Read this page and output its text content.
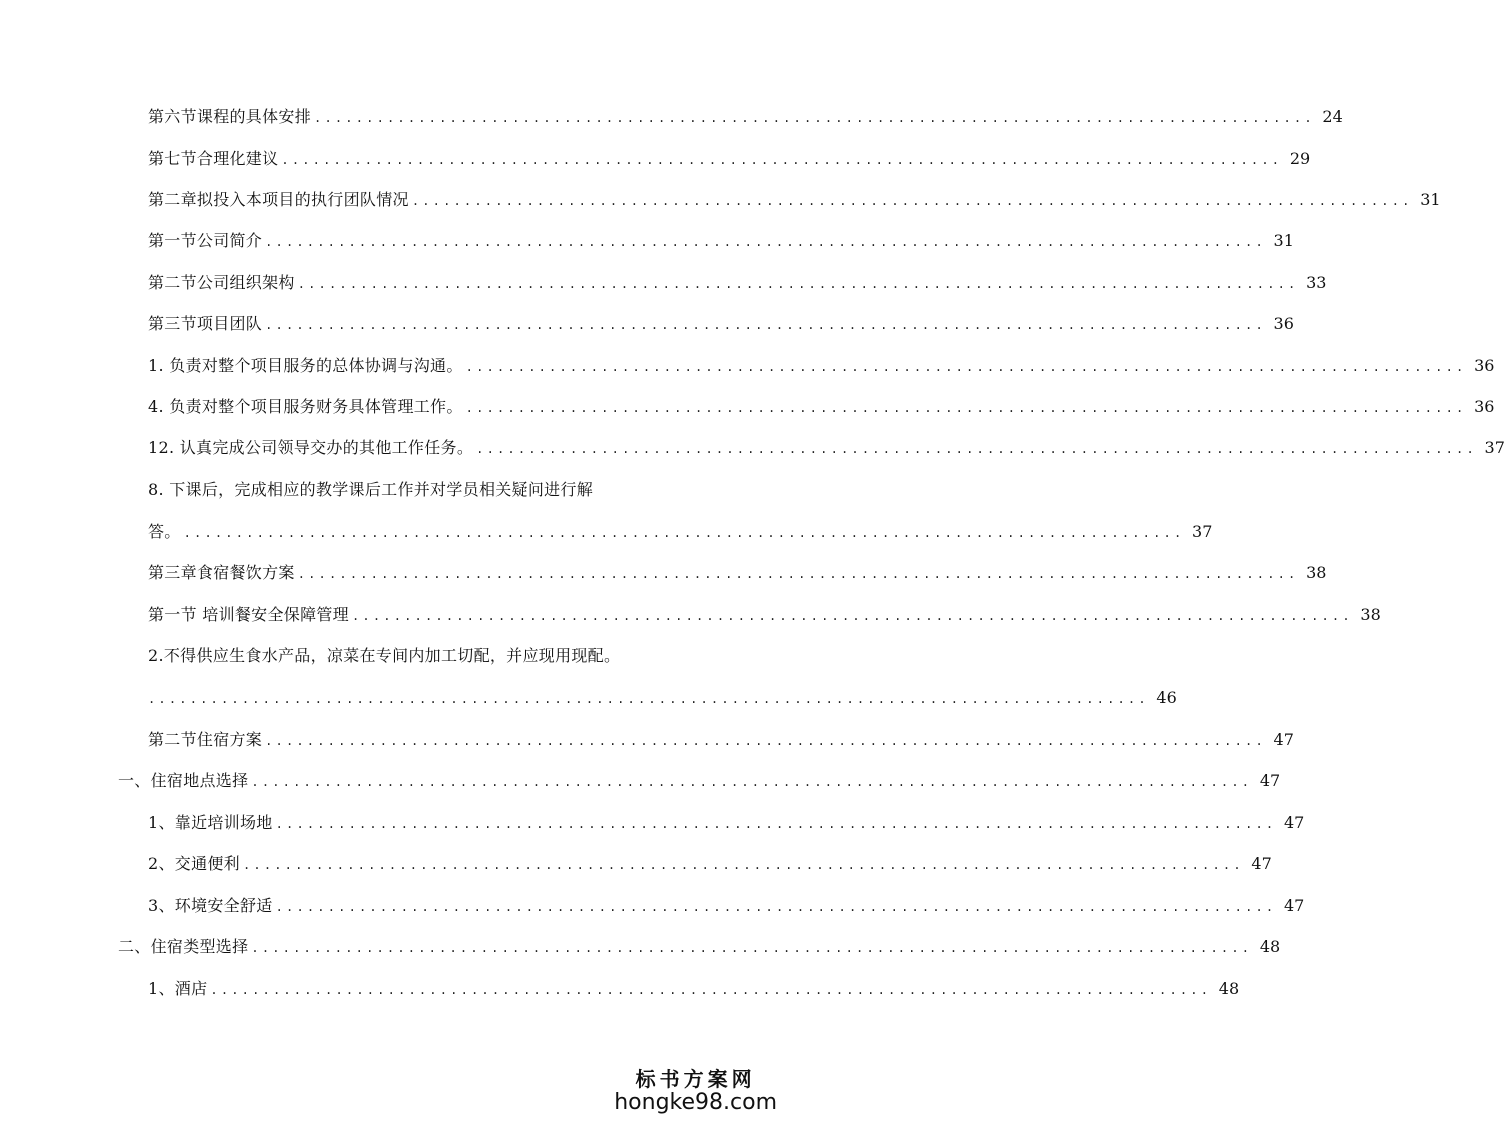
第六节课程的具体安排 ................................................................................................ 24
第七节合理化建议 ................................................................................................ 29
第二章拟投入本项目的执行团队情况 ................................................................................................ 31
第一节公司简介 ................................................................................................ 31
第二节公司组织架构 ................................................................................................ 33
第三节项目团队 ................................................................................................ 36
1. 负责对整个项目服务的总体协调与沟通。 ................................................................................................ 36
4. 负责对整个项目服务财务具体管理工作。 ................................................................................................ 36
12. 认真完成公司领导交办的其他工作任务。 ................................................................................................ 37
8. 下课后，完成相应的教学课后工作并对学员相关疑问进行解
答。 ................................................................................................ 37
第三章食宿餐饮方案 ................................................................................................ 38
第一节 培训餐安全保障管理 ................................................................................................ 38
2.不得供应生食水产品，凉菜在专间内加工切配，并应现用现配。
................................................................................................ 46
第二节住宿方案 ................................................................................................ 47
一、住宿地点选择 ................................................................................................ 47
1、靠近培训场地 ................................................................................................ 47
2、交通便利 ................................................................................................ 47
3、环境安全舒适 ................................................................................................ 47
二、住宿类型选择 ................................................................................................ 48
1、酒店 ................................................................................................ 48
标书方案网
hongke98.com
